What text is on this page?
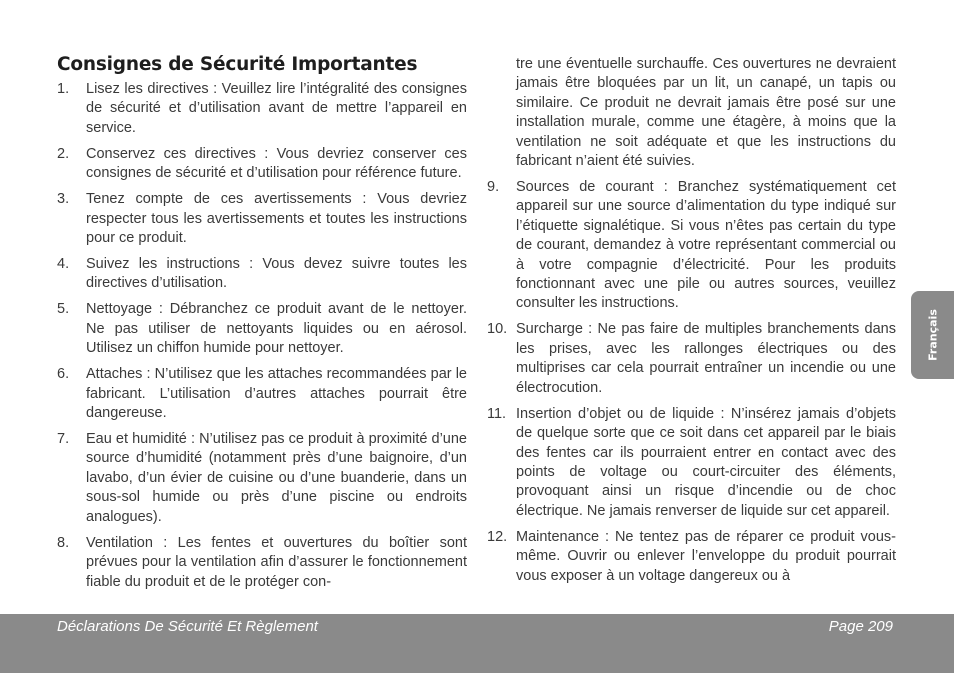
Consignes de Sécurité Importantes
1.	Lisez les directives : Veuillez lire l’intégralité des consignes de sécurité et d’utilisation avant de mettre l’appareil en service.
2.	Conservez ces directives : Vous devriez conserver ces consignes de sécurité et d’utilisation pour référence future.
3.	Tenez compte de ces avertissements : Vous devriez respecter tous les avertissements et toutes les instructions pour ce produit.
4.	Suivez les instructions : Vous devez suivre toutes les directives d’utilisation.
5.	Nettoyage : Débranchez ce produit avant de le nettoyer. Ne pas utiliser de nettoyants liquides ou en aérosol. Utilisez un chiffon humide pour nettoyer.
6.	Attaches : N’utilisez que les attaches recommandées par le fabricant. L’utilisation d’autres attaches pourrait être dangereuse.
7.	Eau et humidité : N’utilisez pas ce produit à proximité d’une source d’humidité (notamment près d’une baignoire, d’un lavabo, d’un évier de cuisine ou d’une buanderie, dans un sous-sol humide ou près d’une piscine ou endroits analogues).
8.	Ventilation : Les fentes et ouvertures du boîtier sont prévues pour la ventilation afin d’assurer le fonctionnement fiable du produit et de le protéger con-
tre une éventuelle surchauffe. Ces ouvertures ne devraient jamais être bloquées par un lit, un canapé, un tapis ou similaire. Ce produit ne devrait jamais être posé sur une installation murale, comme une étagère, à moins que la ventilation ne soit adéquate et que les instructions du fabricant n’aient été suivies.
9.	Sources de courant : Branchez systématiquement cet appareil sur une source d’alimentation du type indiqué sur l’étiquette signalétique. Si vous n’êtes pas certain du type de courant, demandez à votre représentant commercial ou à votre compagnie d’électricité. Pour les produits fonctionnant avec une pile ou autres sources, veuillez consulter les instructions.
10. Surcharge : Ne pas faire de multiples branchements dans les prises, avec les rallonges électriques ou des multiprises car cela pourrait entraîner un incendie ou une électrocution.
11. Insertion d’objet ou de liquide : N’insérez jamais d’objets de quelque sorte que ce soit dans cet appareil par le biais des fentes car ils pourraient entrer en contact avec des points de voltage ou court-circuiter des éléments, provoquant ainsi un risque d’incendie ou de choc électrique. Ne jamais renverser de liquide sur cet appareil.
12. Maintenance : Ne tentez pas de réparer ce produit vous-même. Ouvrir ou enlever l’enveloppe du produit pourrait vous exposer à un voltage dangereux ou à
Français
Déclarations De Sécurité Et Règlement	Page 209
